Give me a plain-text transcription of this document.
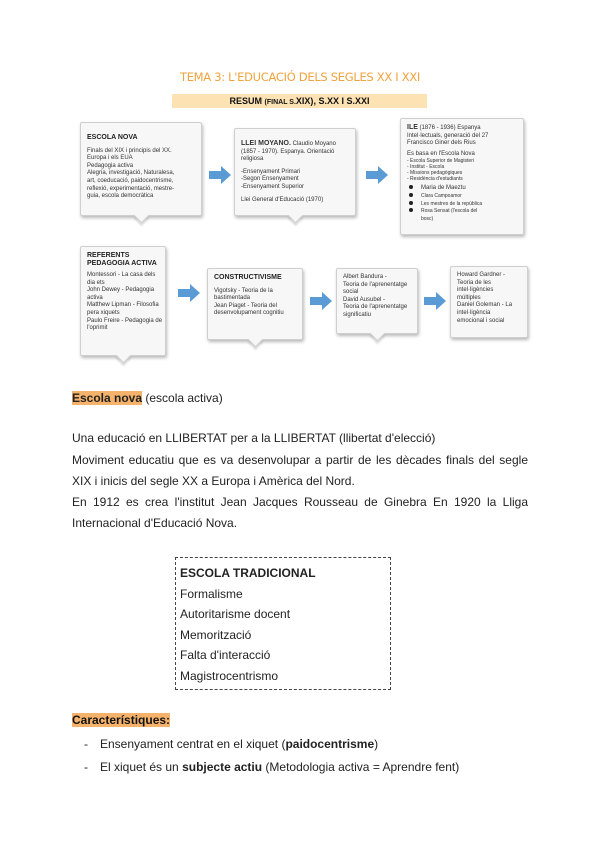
TEMA 3: L'EDUCACIÓ DELS SEGLES XX I XXI
RESUM (FINAL S.XIX), S.XX I S.XXI
ESCOLA NOVA
Finals del XIX i principis del XX.
Europa i els EUA
Pedagogia activa
Alegria, investigació, Naturalesa,
art, coeducació, paidocentrisme,
reflexió, experimentació, mestre-
guia, escola democràtica
LLEI MOYANO. Claudio Moyano
(1857 - 1970). Espanya. Orientació
religiosa
-Ensenyament Primari
-Segon Ensenyament
-Ensenyament Superior
Llei General d'Educació (1970)
ILE (1876 - 1936) Espanya
Intel·lectuals, generació del 27
Francisco Giner dels Rius
Es basa en l'Escola Nova
- Escola Superior de Magisteri
- Institut - Escola
- Missions pedagògiques
- Residència d'estudiants
Maria de Maeztu
Clara Campoamor
Les mestres de la república
Rosa Sensat (l'escola del
bosc)
REFERENTS PEDAGOGIA ACTIVA
Montessori - La casa dels
dia ets
John Dewey - Pedagogia
activa
Matthew Lipman - Filosofia
pera xiquets
Paulo Freire - Pedagogia de
l'oprimit
CONSTRUCTIVISME
Vigotsky - Teoria de la
bastimentada
Jean Piaget - Teoria del
desenvolupament cognitiu
Albert Bandura -
Teoria de l'aprenentatge
social
David Ausubel -
Teoria de l'aprenentatge
significatiu
Howard Gardner -
Teoria de les
intel·ligències
múltiples
Daniel Goleman - La
intel·ligència
emocional i social
Escola nova (escola activa)
Una educació en LLIBERTAT per a la LLIBERTAT (llibertat d'elecció)
Moviment educatiu que es va desenvolupar a partir de les dècades finals del segle
XIX i inicis del segle XX a Europa i Amèrica del Nord.
En 1912 es crea l'institut Jean Jacques Rousseau de Ginebra En 1920 la Lliga
Internacional d'Educació Nova.
ESCOLA TRADICIONAL
Formalisme
Autoritarisme docent
Memorització
Falta d'interacció
Magistrocentrismo
Característiques:
- Ensenyament centrat en el xiquet (paidocentrisme)
- El xiquet és un subjecte actiu (Metodologia activa = Aprendre fent)
